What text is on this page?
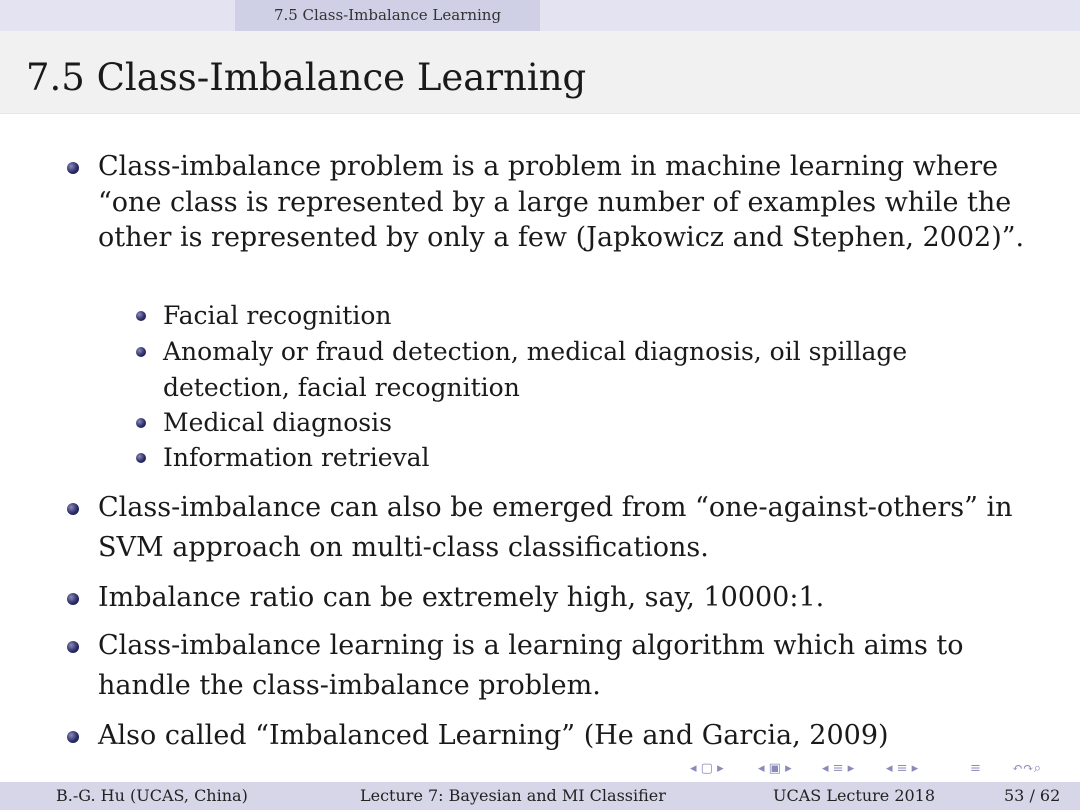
7.5 Class-Imbalance Learning
7.5 Class-Imbalance Learning
Class-imbalance problem is a problem in machine learning where “one class is represented by a large number of examples while the other is represented by only a few (Japkowicz and Stephen, 2002)”.
Facial recognition
Anomaly or fraud detection, medical diagnosis, oil spillage detection, facial recognition
Medical diagnosis
Information retrieval
Class-imbalance can also be emerged from “one-against-others” in SVM approach on multi-class classifications.
Imbalance ratio can be extremely high, say, 10000:1.
Class-imbalance learning is a learning algorithm which aims to handle the class-imbalance problem.
Also called “Imbalanced Learning” (He and Garcia, 2009)
◂ ▢ ▸	◂ ▣ ▸ ◂ ≡ ▸ ◂ ≡ ▸	≡ ↶↷⌕
B.-G. Hu (UCAS, China)	Lecture 7: Bayesian and MI Classifier	UCAS Lecture 2018	53 / 62
